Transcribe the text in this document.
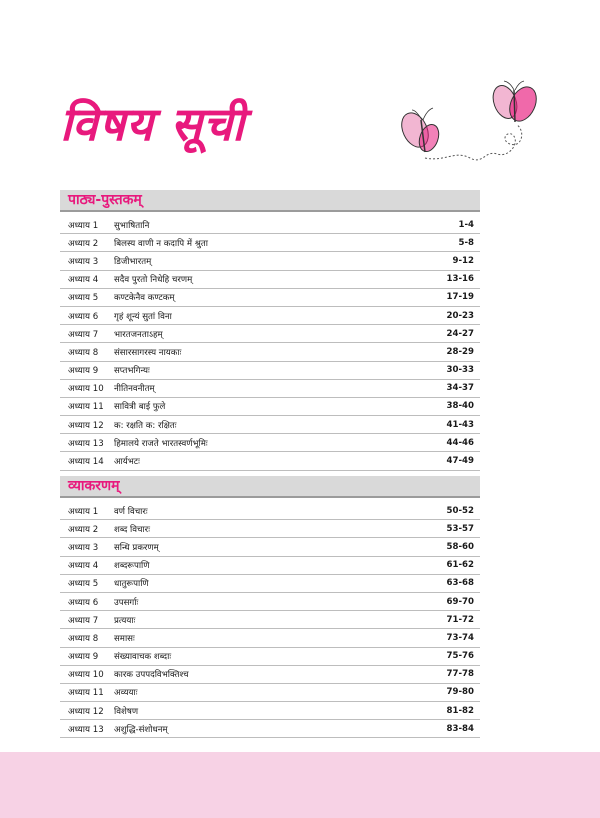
विषय सूची
पाठ्य-पुस्तकम्
अध्याय 1	सुभाषितानि	1-4
अध्याय 2	बिलस्य वाणी न कदापि में श्रुता	5-8
अध्याय 3	डिजीभारतम्	9-12
अध्याय 4	सदैव पुरतो निधेहि चरणम्	13-16
अध्याय 5	कण्टकेनैव कण्टकम्	17-19
अध्याय 6	गृहं शून्यं सुतां विना	20-23
अध्याय 7	भारतजनताऽहम्	24-27
अध्याय 8	संसारसागरस्य नायकाः	28-29
अध्याय 9	सप्तभगिन्यः	30-33
अध्याय 10	नीतिनवनीतम्	34-37
अध्याय 11	सावित्री बाई फुले	38-40
अध्याय 12	क: रक्षति क: रक्षितः	41-43
अध्याय 13	हिमालये राजते भारतस्वर्णभूमिः	44-46
अध्याय 14	आर्यभटः	47-49
व्याकरणम्
अध्याय 1	वर्ण विचारः	50-52
अध्याय 2	शब्द विचारः	53-57
अध्याय 3	सन्धि प्रकरणम्	58-60
अध्याय 4	शब्दरूपाणि	61-62
अध्याय 5	धातुरूपाणि	63-68
अध्याय 6	उपसर्गाः	69-70
अध्याय 7	प्रत्ययाः	71-72
अध्याय 8	समासः	73-74
अध्याय 9	संख्यावाचक शब्दाः	75-76
अध्याय 10	कारक उपपदविभक्तिश्च	77-78
अध्याय 11	अव्ययाः	79-80
अध्याय 12	विशेषण	81-82
अध्याय 13	अशुद्धि-संशोधनम्	83-84
